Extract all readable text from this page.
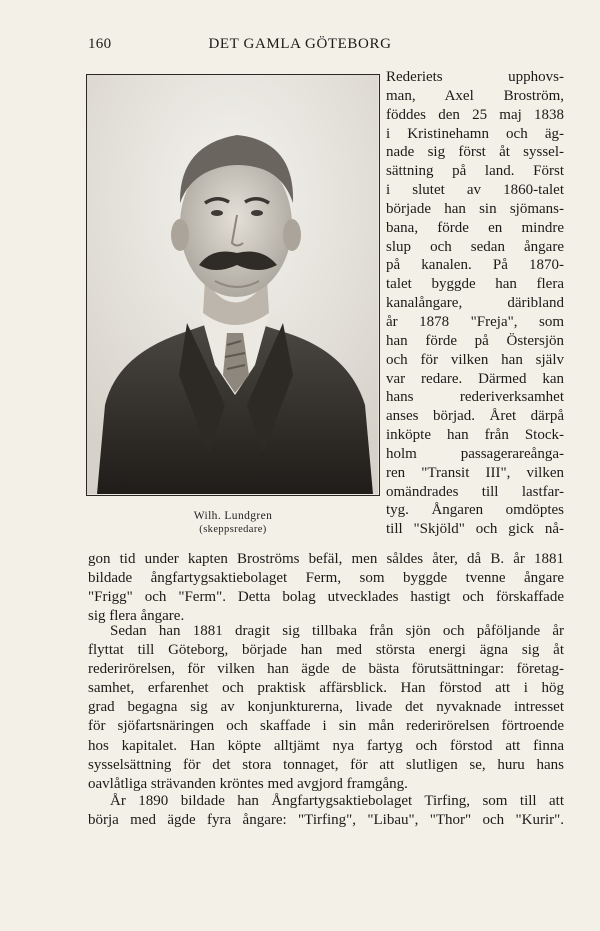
160	DET GAMLA GÖTEBORG
Wilh. Lundgren
(skeppsredare)
Rederiets upphovs-
man, Axel Broström,
föddes den 25 maj 1838
i Kristinehamn och äg-
nade sig först åt syssel-
sättning på land. Först
i slutet av 1860-talet
började han sin sjömans-
bana, förde en mindre
slup och sedan ångare
på kanalen. På 1870-
talet byggde han flera
kanalångare, däribland
år 1878 "Freja", som
han förde på Östersjön
och för vilken han själv
var redare. Därmed kan
hans rederiverksamhet
anses börjad. Året därpå
inköpte han från Stock-
holm passagerareånga-
ren "Transit III", vilken
omändrades till lastfar-
tyg. Ångaren omdöptes
till "Skjöld" och gick nå-
gon tid under kapten Broströms befäl, men såldes åter, då B. år 1881
bildade ångfartygsaktiebolaget Ferm, som byggde tvenne ångare
"Frigg" och "Ferm". Detta bolag utvecklades hastigt och förskaffade
sig flera ångare.
Sedan han 1881 dragit sig tillbaka från sjön och påföljande år
flyttat till Göteborg, började han med största energi ägna sig åt
rederirörelsen, för vilken han ägde de bästa förutsättningar: företag-
samhet, erfarenhet och praktisk affärsblick. Han förstod att i hög
grad begagna sig av konjunkturerna, livade det nyvaknade intresset
för sjöfartsnäringen och skaffade i sin mån rederirörelsen förtroende
hos kapitalet. Han köpte alltjämt nya fartyg och förstod att finna
sysselsättning för det stora tonnaget, för att slutligen se, huru hans
oavlåtliga strävanden kröntes med avgjord framgång.
År 1890 bildade han Ångfartygsaktiebolaget Tirfing, som till att
börja med ägde fyra ångare: "Tirfing", "Libau", "Thor" och "Kurir".
